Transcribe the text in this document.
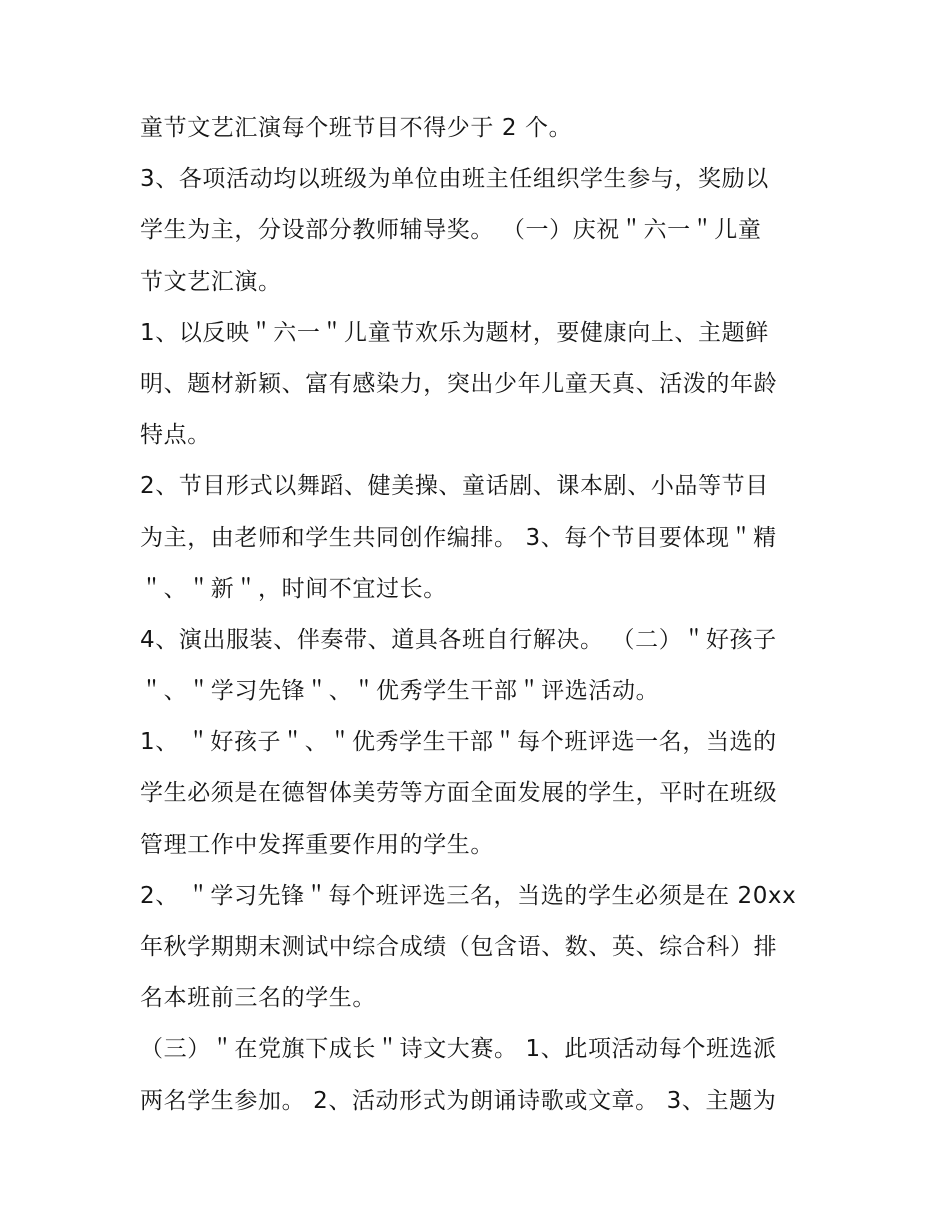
童节文艺汇演每个班节目不得少于 2 个。
3、各项活动均以班级为单位由班主任组织学生参与，奖励以
学生为主，分设部分教师辅导奖。 （一）庆祝＂六一＂儿童
节文艺汇演。
1、以反映＂六一＂儿童节欢乐为题材，要健康向上、主题鲜
明、题材新颖、富有感染力，突出少年儿童天真、活泼的年龄
特点。
2、节目形式以舞蹈、健美操、童话剧、课本剧、小品等节目
为主，由老师和学生共同创作编排。 3、每个节目要体现＂精
＂、＂新＂，时间不宜过长。
4、演出服装、伴奏带、道具各班自行解决。 （二）＂好孩子
＂、＂学习先锋＂、＂优秀学生干部＂评选活动。
1、 ＂好孩子＂、＂优秀学生干部＂每个班评选一名，当选的
学生必须是在德智体美劳等方面全面发展的学生，平时在班级
管理工作中发挥重要作用的学生。
2、 ＂学习先锋＂每个班评选三名，当选的学生必须是在 20xx
年秋学期期末测试中综合成绩（包含语、数、英、综合科）排
名本班前三名的学生。
（三）＂在党旗下成长＂诗文大赛。 1、此项活动每个班选派
两名学生参加。 2、活动形式为朗诵诗歌或文章。 3、主题为
